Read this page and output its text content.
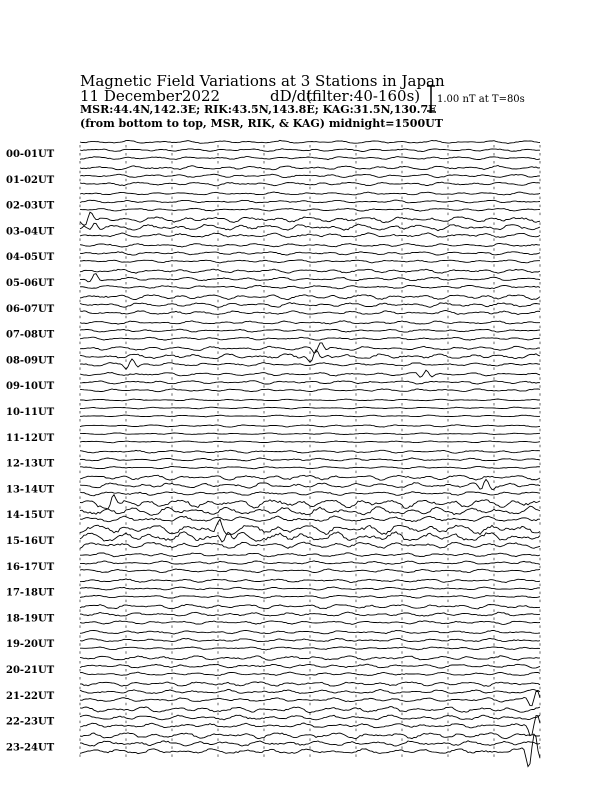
Magnetic Field Variations at 3 Stations in Japan
11 December2022	dD/dt
(filter:40-160s)
MSR:44.4N,142.3E; RIK:43.5N,143.8E; KAG:31.5N,130.7E
(from bottom to top, MSR, RIK, & KAG) midnight=1500UT
1.00 nT at T=80s
00-01UT
01-02UT
02-03UT
03-04UT
04-05UT
05-06UT
06-07UT
07-08UT
08-09UT
09-10UT
10-11UT
11-12UT
12-13UT
13-14UT
14-15UT
15-16UT
16-17UT
17-18UT
18-19UT
19-20UT
20-21UT
21-22UT
22-23UT
23-24UT
